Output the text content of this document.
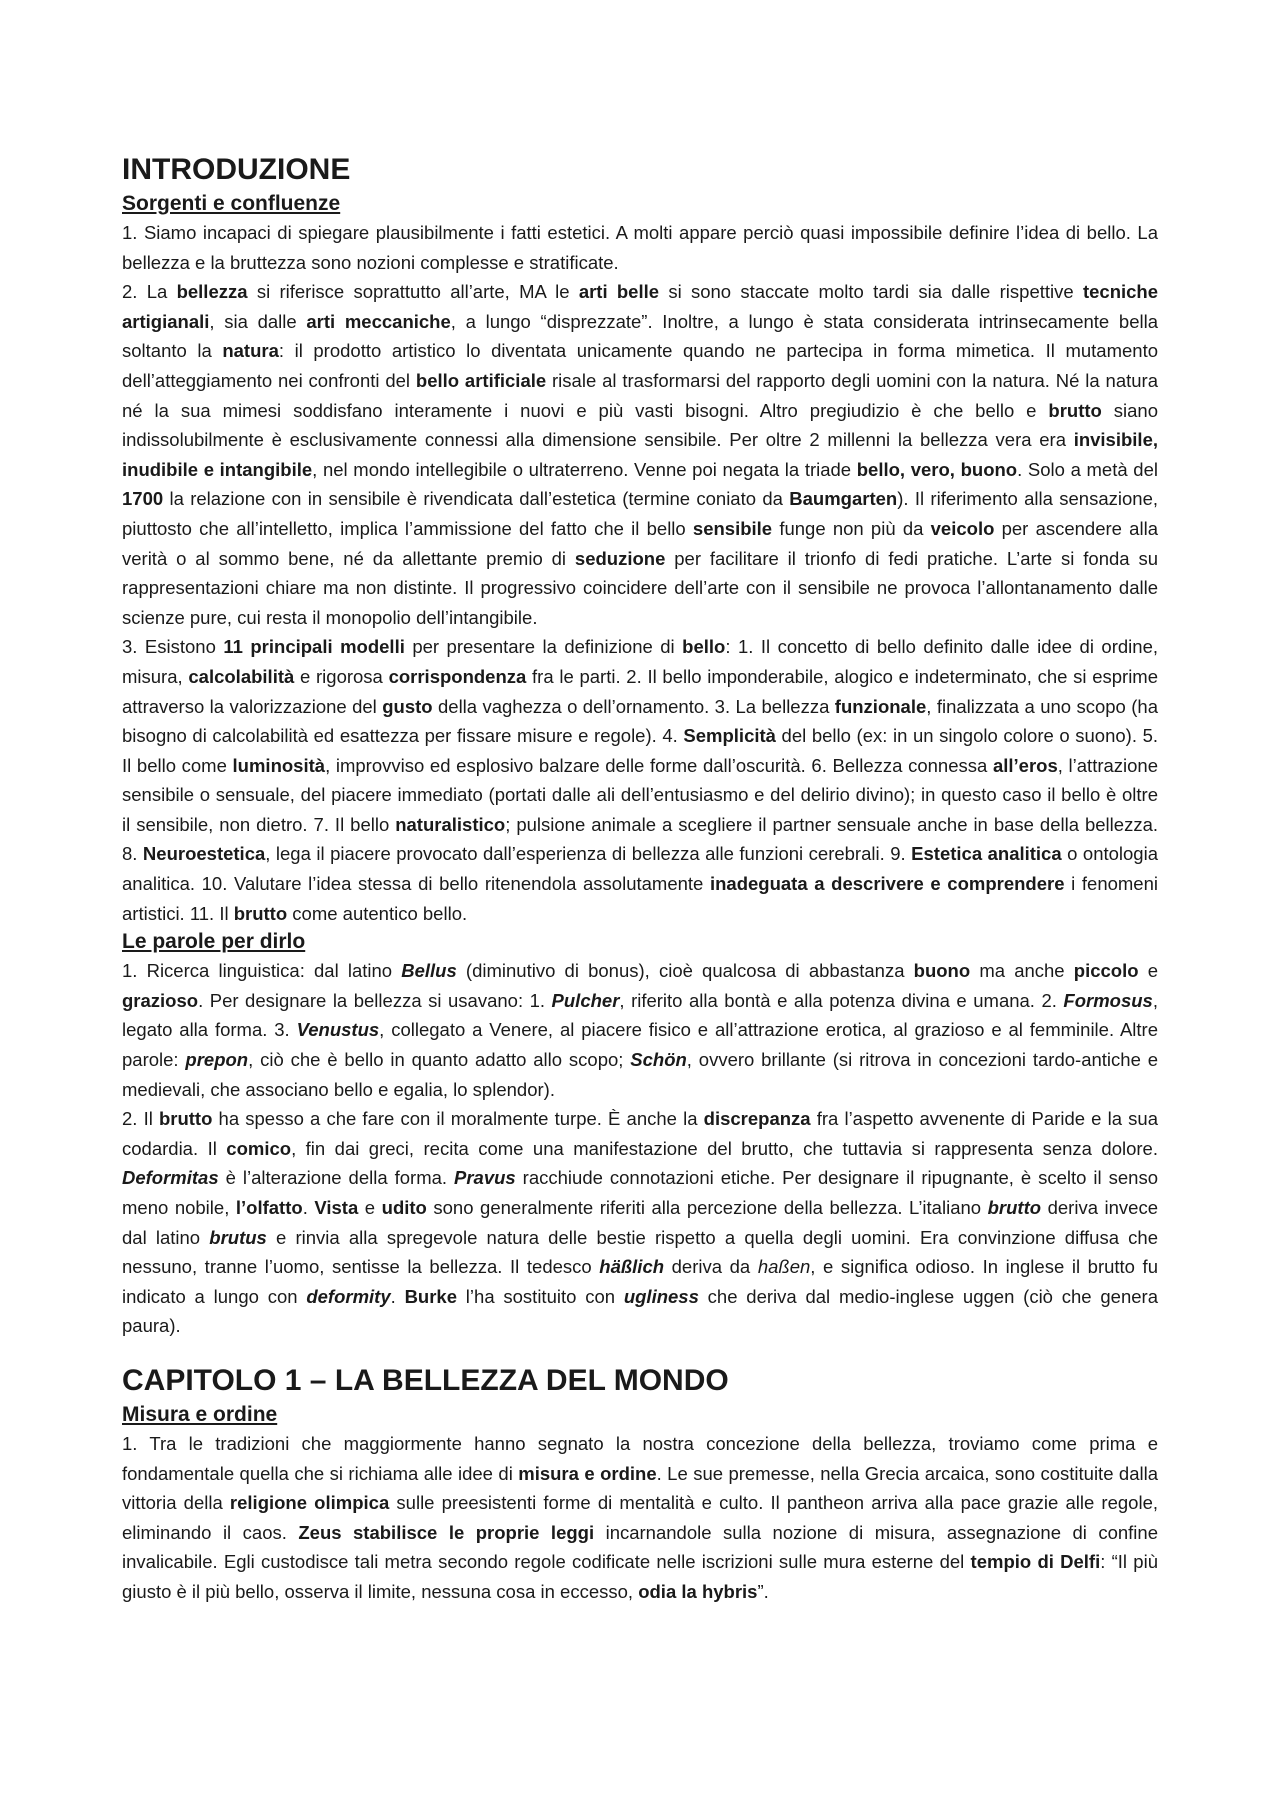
INTRODUZIONE
Sorgenti e confluenze

1. Siamo incapaci di spiegare plausibilmente i fatti estetici. A molti appare perciò quasi impossibile definire l’idea di bello. La bellezza e la bruttezza sono nozioni complesse e stratificate.

2. La bellezza si riferisce soprattutto all’arte, MA le arti belle si sono staccate molto tardi sia dalle rispettive tecniche artigianali, sia dalle arti meccaniche, a lungo “disprezzate”. Inoltre, a lungo è stata considerata intrinsecamente bella soltanto la natura: il prodotto artistico lo diventata unicamente quando ne partecipa in forma mimetica. Il mutamento dell’atteggiamento nei confronti del bello artificiale risale al trasformarsi del rapporto degli uomini con la natura. Né la natura né la sua mimesi soddisfano interamente i nuovi e più vasti bisogni. Altro pregiudizio è che bello e brutto siano indissolubilmente è esclusivamente connessi alla dimensione sensibile. Per oltre 2 millenni la bellezza vera era invisibile, inudibile e intangibile, nel mondo intellegibile o ultraterreno. Venne poi negata la triade bello, vero, buono. Solo a metà del 1700 la relazione con in sensibile è rivendicata dall’estetica (termine coniato da Baumgarten). Il riferimento alla sensazione, piuttosto che all’intelletto, implica l’ammissione del fatto che il bello sensibile funge non più da veicolo per ascendere alla verità o al sommo bene, né da allettante premio di seduzione per facilitare il trionfo di fedi pratiche. L’arte si fonda su rappresentazioni chiare ma non distinte. Il progressivo coincidere dell’arte con il sensibile ne provoca l’allontanamento dalle scienze pure, cui resta il monopolio dell’intangibile.

3. Esistono 11 principali modelli per presentare la definizione di bello: 1. Il concetto di bello definito dalle idee di ordine, misura, calcolabilità e rigorosa corrispondenza fra le parti. 2. Il bello imponderabile, alogico e indeterminato, che si esprime attraverso la valorizzazione del gusto della vaghezza o dell’ornamento. 3. La bellezza funzionale, finalizzata a uno scopo (ha bisogno di calcolabilità ed esattezza per fissare misure e regole). 4. Semplicità del bello (ex: in un singolo colore o suono). 5. Il bello come luminosità, improvviso ed esplosivo balzare delle forme dall’oscurità. 6. Bellezza connessa all’eros, l’attrazione sensibile o sensuale, del piacere immediato (portati dalle ali dell’entusiasmo e del delirio divino); in questo caso il bello è oltre il sensibile, non dietro. 7. Il bello naturalistico; pulsione animale a scegliere il partner sensuale anche in base della bellezza. 8. Neuroestetica, lega il piacere provocato dall’esperienza di bellezza alle funzioni cerebrali. 9. Estetica analitica o ontologia analitica. 10. Valutare l’idea stessa di bello ritenendola assolutamente inadeguata a descrivere e comprendere i fenomeni artistici. 11. Il brutto come autentico bello.

Le parole per dirlo

1. Ricerca linguistica: dal latino Bellus (diminutivo di bonus), cioè qualcosa di abbastanza buono ma anche piccolo e grazioso. Per designare la bellezza si usavano: 1. Pulcher, riferito alla bontà e alla potenza divina e umana. 2. Formosus, legato alla forma. 3. Venustus, collegato a Venere, al piacere fisico e all’attrazione erotica, al grazioso e al femminile. Altre parole: prepon, ciò che è bello in quanto adatto allo scopo; Schön, ovvero brillante (si ritrova in concezioni tardo-antiche e medievali, che associano bello e egalia, lo splendor).

2. Il brutto ha spesso a che fare con il moralmente turpe. È anche la discrepanza fra l’aspetto avvenente di Paride e la sua codardia. Il comico, fin dai greci, recita come una manifestazione del brutto, che tuttavia si rappresenta senza dolore. Deformitas è l’alterazione della forma. Pravus racchiude connotazioni etiche. Per designare il ripugnante, è scelto il senso meno nobile, l’olfatto. Vista e udito sono generalmente riferiti alla percezione della bellezza. L’italiano brutto deriva invece dal latino brutus e rinvia alla spregevole natura delle bestie rispetto a quella degli uomini. Era convinzione diffusa che nessuno, tranne l’uomo, sentisse la bellezza. Il tedesco häßlich deriva da haßen, e significa odioso. In inglese il brutto fu indicato a lungo con deformity. Burke l’ha sostituito con ugliness che deriva dal medio-inglese uggen (ciò che genera paura).

CAPITOLO 1 – LA BELLEZZA DEL MONDO
Misura e ordine

1. Tra le tradizioni che maggiormente hanno segnato la nostra concezione della bellezza, troviamo come prima e fondamentale quella che si richiama alle idee di misura e ordine. Le sue premesse, nella Grecia arcaica, sono costituite dalla vittoria della religione olimpica sulle preesistenti forme di mentalità e culto. Il pantheon arriva alla pace grazie alle regole, eliminando il caos. Zeus stabilisce le proprie leggi incarnandole sulla nozione di misura, assegnazione di confine invalicabile. Egli custodisce tali metra secondo regole codificate nelle iscrizioni sulle mura esterne del tempio di Delfi: “Il più giusto è il più bello, osserva il limite, nessuna cosa in eccesso, odia la hybris”.
